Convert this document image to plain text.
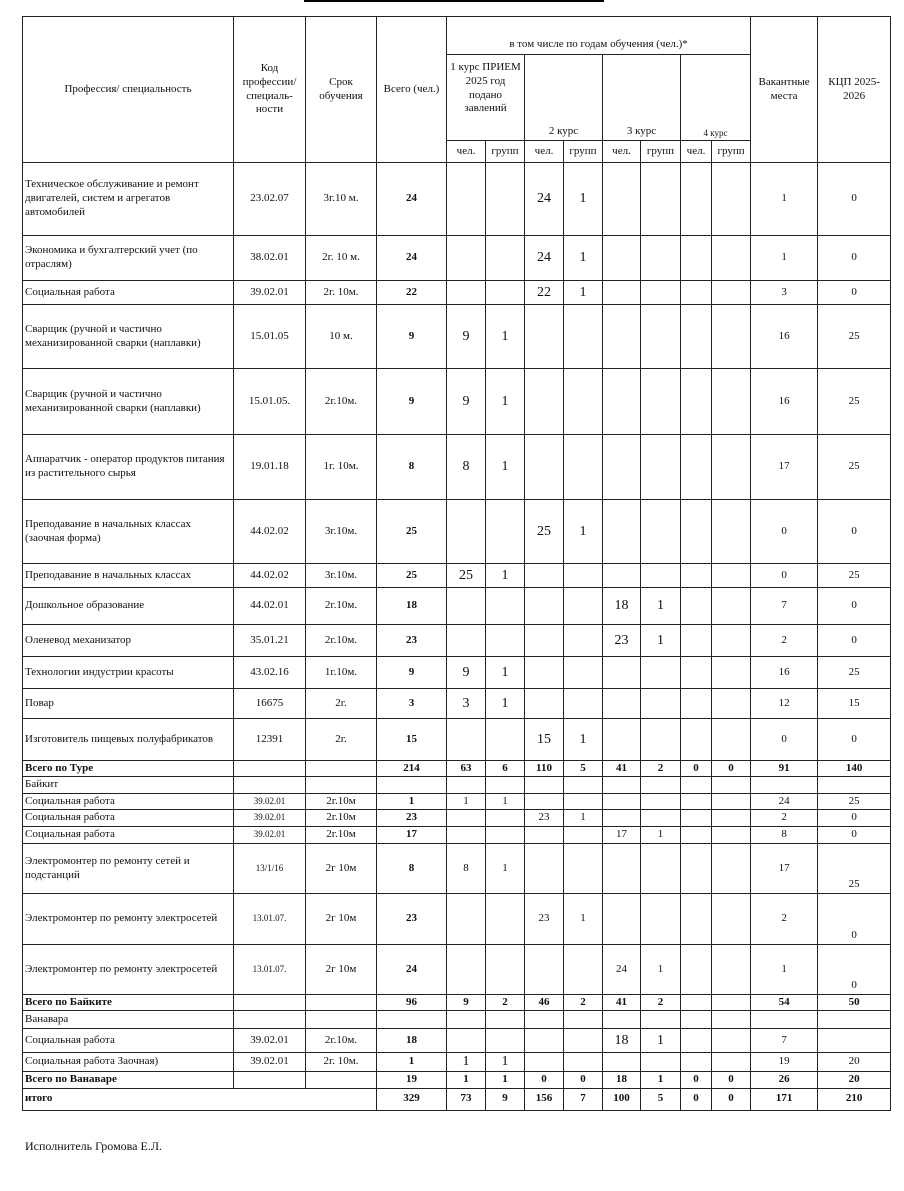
Профессия/ специальность	Код профессии/ специаль- ности	Срок обучения	Всего (чел.)	в том числе по годам обучения (чел.)*								Вакантные места	КЦП 2025-2026
				1 курс ПРИЕМ 2025 год подано завлений		2 курс		3 курс		4 курс			

				чел.	групп	чел.	групп	чел.	групп	чел.	групп		
Техническое обслуживание и ремонт двигателей, систем и агрегатов автомобилей	23.02.07	3г.10 м.	24			24	1					1	0
Экономика и бухгалтерский учет (по отраслям)	38.02.01	2г. 10 м.	24			24	1					1	0
Социальная работа	39.02.01	2г. 10м.	22			22	1					3	0
Сварщик (ручной и частично механизированной сварки (наплавки)	15.01.05	10 м.	9	9	1							16	25
Сварщик (ручной и частично механизированной сварки (наплавки)	15.01.05.	2г.10м.	9	9	1							16	25
Аппаратчик - оператор продуктов питания из растительного сырья	19.01.18	1г. 10м.	8	8	1							17	25
Преподавание в начальных классах (заочная форма)	44.02.02	3г.10м.	25			25	1					0	0
Преподавание в начальных классах	44.02.02	3г.10м.	25	25	1							0	25
Дошкольное образование	44.02.01	2г.10м.	18					18	1			7	0
Оленевод механизатор	35.01.21	2г.10м.	23					23	1			2	0
Технологии индустрии красоты	43.02.16	1г.10м.	9	9	1							16	25
Повар	16675	2г.	3	3	1							12	15
Изготовитель пищевых полуфабрикатов	12391	2г.	15			15	1					0	0
Всего по Туре			214	63	6	110	5	41	2	0	0	91	140
Байкит													
Социальная работа	39.02.01	2г.10м	1	1	1							24	25
Социальная работа	39.02.01	2г.10м	23			23	1					2	0
Социальная работа	39.02.01	2г.10м	17					17	1			8	0
Электромонтер по ремонту сетей и подстанций	13/1/16	2г 10м	8	8	1							17	25
Электромонтер по ремонту электросетей	13.01.07.	2г 10м	23			23	1					2	0
Электромонтер по ремонту электросетей	13.01.07.	2г 10м	24					24	1			1	0
Всего по Байките			96	9	2	46	2	41	2			54	50
Ванавара													
Социальная работа	39.02.01	2г.10м.	18					18	1			7	
Социальная работа Заочная)	39.02.01	2г. 10м.	1	1	1							19	20
Всего по Ванаваре			19	1	1	0	0	18	1	0	0	26	20
итого			329	73	9	156	7	100	5	0	0	171	210
Исполнитель Громова Е.Л.
